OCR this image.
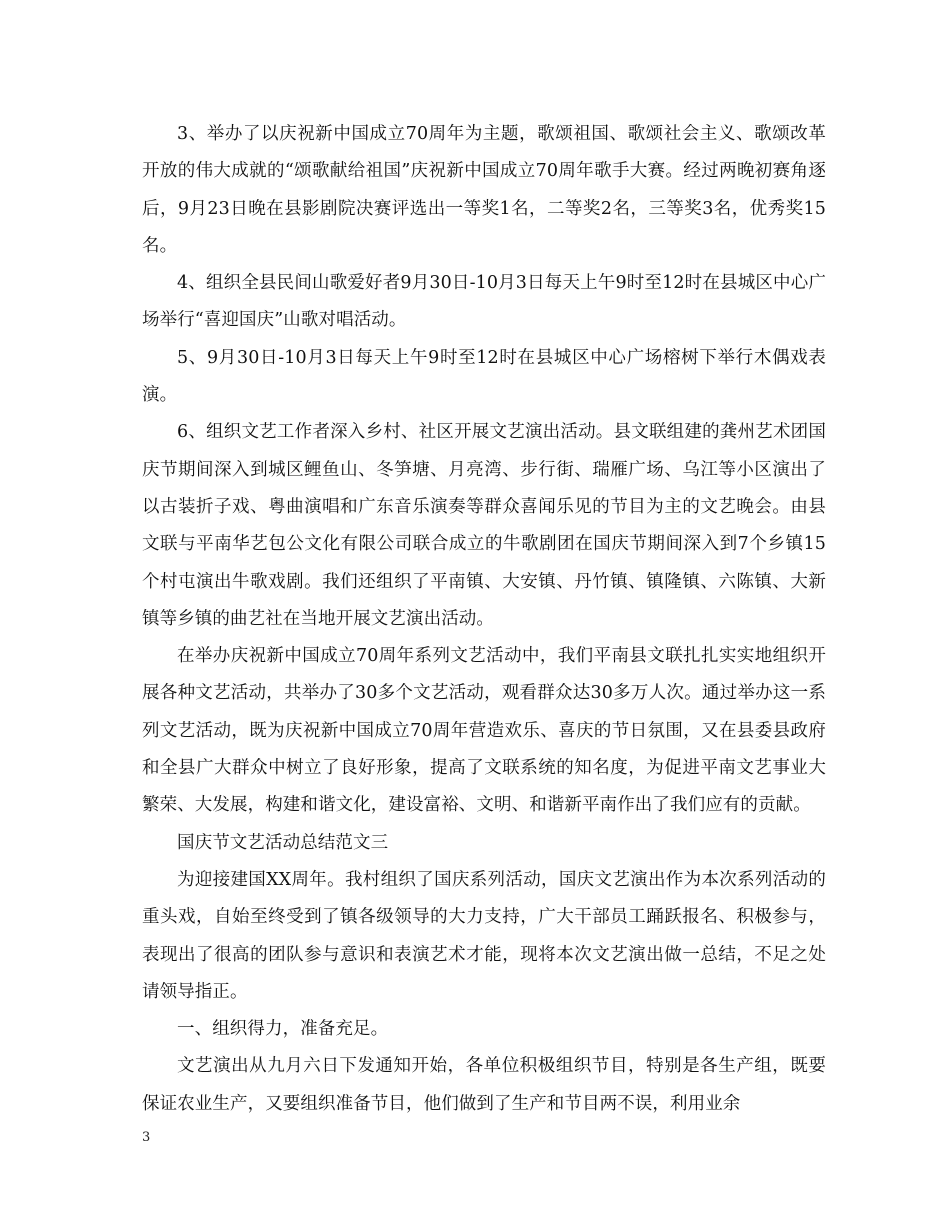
3、举办了以庆祝新中国成立70周年为主题，歌颂祖国、歌颂社会主义、歌颂改革开放的伟大成就的“颂歌献给祖国”庆祝新中国成立70周年歌手大赛。经过两晚初赛角逐后，9月23日晚在县影剧院决赛评选出一等奖1名，二等奖2名，三等奖3名，优秀奖15名。

4、组织全县民间山歌爱好者9月30日-10月3日每天上午9时至12时在县城区中心广场举行“喜迎国庆”山歌对唱活动。

5、9月30日-10月3日每天上午9时至12时在县城区中心广场榕树下举行木偶戏表演。

6、组织文艺工作者深入乡村、社区开展文艺演出活动。县文联组建的龚州艺术团国庆节期间深入到城区鲤鱼山、冬笋塘、月亮湾、步行街、瑞雁广场、乌江等小区演出了以古装折子戏、粤曲演唱和广东音乐演奏等群众喜闻乐见的节目为主的文艺晚会。由县文联与平南华艺包公文化有限公司联合成立的牛歌剧团在国庆节期间深入到7个乡镇15个村屯演出牛歌戏剧。我们还组织了平南镇、大安镇、丹竹镇、镇隆镇、六陈镇、大新镇等乡镇的曲艺社在当地开展文艺演出活动。

在举办庆祝新中国成立70周年系列文艺活动中，我们平南县文联扎扎实实地组织开展各种文艺活动，共举办了30多个文艺活动，观看群众达30多万人次。通过举办这一系列文艺活动，既为庆祝新中国成立70周年营造欢乐、喜庆的节日氛围，又在县委县政府和全县广大群众中树立了良好形象，提高了文联系统的知名度，为促进平南文艺事业大繁荣、大发展，构建和谐文化，建设富裕、文明、和谐新平南作出了我们应有的贡献。

国庆节文艺活动总结范文三

为迎接建国XX周年。我村组织了国庆系列活动，国庆文艺演出作为本次系列活动的重头戏，自始至终受到了镇各级领导的大力支持，广大干部员工踊跃报名、积极参与，表现出了很高的团队参与意识和表演艺术才能，现将本次文艺演出做一总结，不足之处请领导指正。

一、组织得力，准备充足。

文艺演出从九月六日下发通知开始，各单位积极组织节目，特别是各生产组，既要保证农业生产，又要组织准备节目，他们做到了生产和节目两不误，利用业余

3
